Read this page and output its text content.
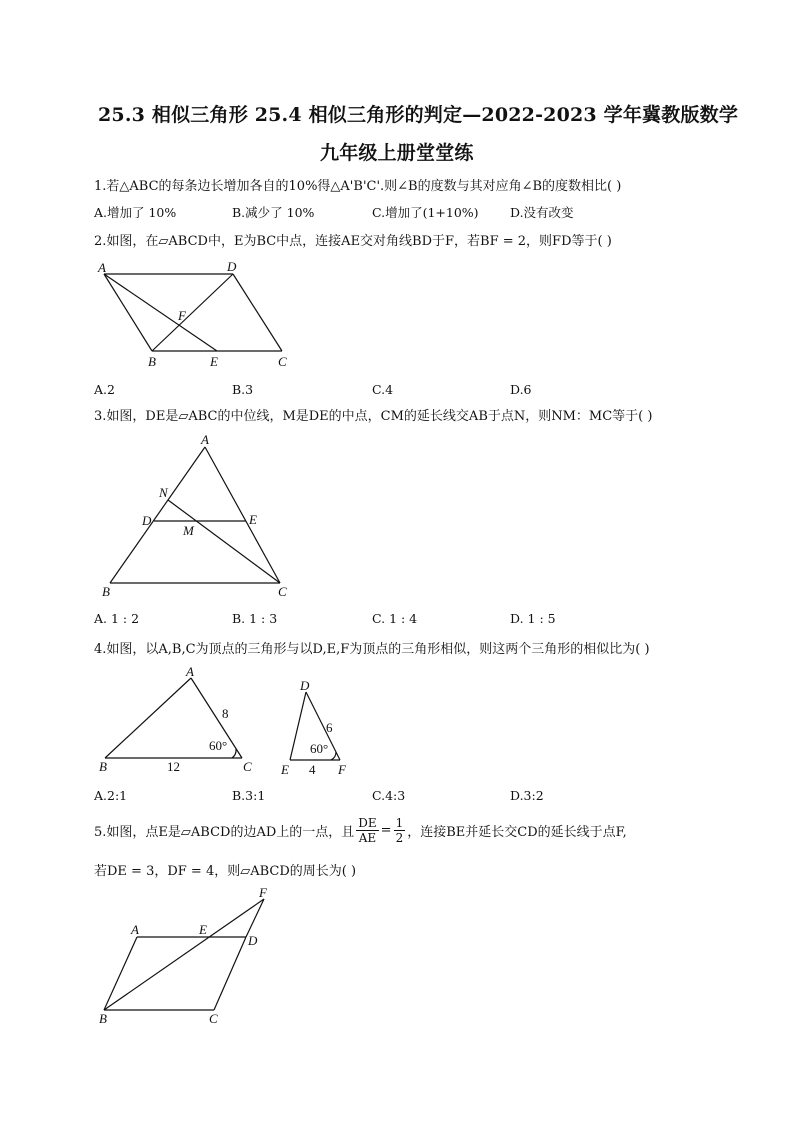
25.3 相似三角形 25.4 相似三角形的判定—2022-2023 学年冀教版数学
九年级上册堂堂练
1.若△ABC的每条边长增加各自的10%得△A'B'C'.则∠B的度数与其对应角∠B的度数相比( )
A.增加了 10%	B.减少了 10%	C.增加了(1+10%)	D.没有改变
2.如图，在▱ABCD中，E为BC中点，连接AE交对角线BD于F，若BF = 2，则FD等于( )
A	D
F
B	E	C
A.2	B.3	C.4	D.6
3.如图，DE是▱ABC的中位线，M是DE的中点，CM的延长线交AB于点N，则NM：MC等于( )
A
N
D	E
M
B	C
A. 1 : 2	B. 1 : 3	C. 1 : 4	D. 1 : 5
4.如图，以A,B,C为顶点的三角形与以D,E,F为顶点的三角形相似，则这两个三角形的相似比为( )
A
8
60°
B	12	C
D
6
60°
E 4 F
A.2:1	B.3:1	C.4:3	D.3:2
5.如图，点E是▱ABCD的边AD上的一点，且 $\frac{DE}{AE} = \frac{1}{2}$ ，连接BE并延长交CD的延长线于点F,
若DE = 3，DF = 4，则▱ABCD的周长为( )
F
A	E
D
B	C
